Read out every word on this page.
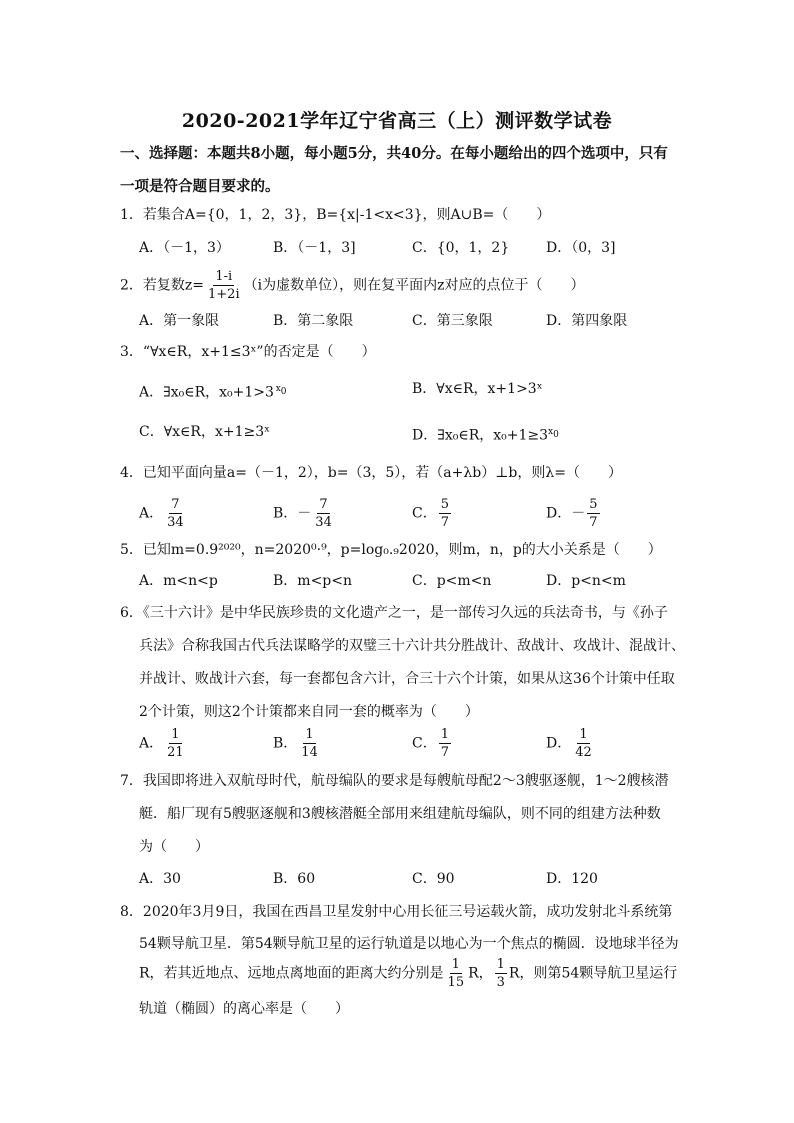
2020-2021学年辽宁省高三（上）测评数学试卷
一、选择题：本题共8小题，每小题5分，共40分。在每小题给出的四个选项中，只有一项是符合题目要求的。
1．若集合A={0，1，2，3}，B={x|-1<x<3}，则A∪B=（　　）
A．（－1，3）	B．（－1，3]	C．{0，1，2}	D．（0，3]
2．若复数$z= \frac{1-i}{1+2i} (i$为虚数单位），则在复平面内z对应的点位于（　　）
A．第一象限	B．第二象限	C．第三象限	D．第四象限
3．“∀x∈R，x+1≤3ˣ”的否定是（　　）
A．∃x₀∈R，x₀+1>3  $^{x_0}$	B．∀x∈R，x+1>3ˣ
C．∀x∈R，x+1≥3ˣ	D．∃x₀∈R，$x_0+1\ge 3^{x_0}$
4．已知平面向量a=（－1，2），b=（3，5），若（a+λb）⊥b，则λ=（　　）
A． $\frac{7}{34}$	B．－ $\frac{7}{34}$	C． $\frac{5}{7}$	D．－ $\frac{5}{7}$
5．已知m=0.9²⁰²⁰，n=2020⁰·⁹，p=log₀.₉2020，则m，n，p的大小关系是（　　）
A．m<n<p	B．m<p<n	C．p<m<n	D．p<n<m
6．《三十六计》是中华民族珍贵的文化遗产之一，是一部传习久远的兵法奇书，与《孙子
兵法》合称我国古代兵法谋略学的双璧三十六计共分胜战计、敌战计、攻战计、混战计、
并战计、败战计六套，每一套都包含六计，合三十六个计策，如果从这36个计策中任取
2个计策，则这2个计策都来自同一套的概率为（　　）
A． $\frac{1}{21}$	B． $\frac{1}{14}$	C． $\frac{1}{7}$	D． $\frac{1}{42}$
7．我国即将进入双航母时代，航母编队的要求是每艘航母配2～3艘驱逐舰，1～2艘核潜
艇．船厂现有5艘驱逐舰和3艘核潜艇全部用来组建航母编队，则不同的组建方法种数
为（　　）
A．30	B．60	C．90	D．120
8．2020年3月9日，我国在西昌卫星发射中心用长征三号运载火箭，成功发射北斗系统第
54颗导航卫星．第54颗导航卫星的运行轨道是以地心为一个焦点的椭圆．设地球半径为
R，若其近地点、远地点离地面的距离大约分别是 $\frac{1}{15}$ R， $\frac{1}{3}$ R，则第54颗导航卫星运行
轨道（椭圆）的离心率是（　　）
